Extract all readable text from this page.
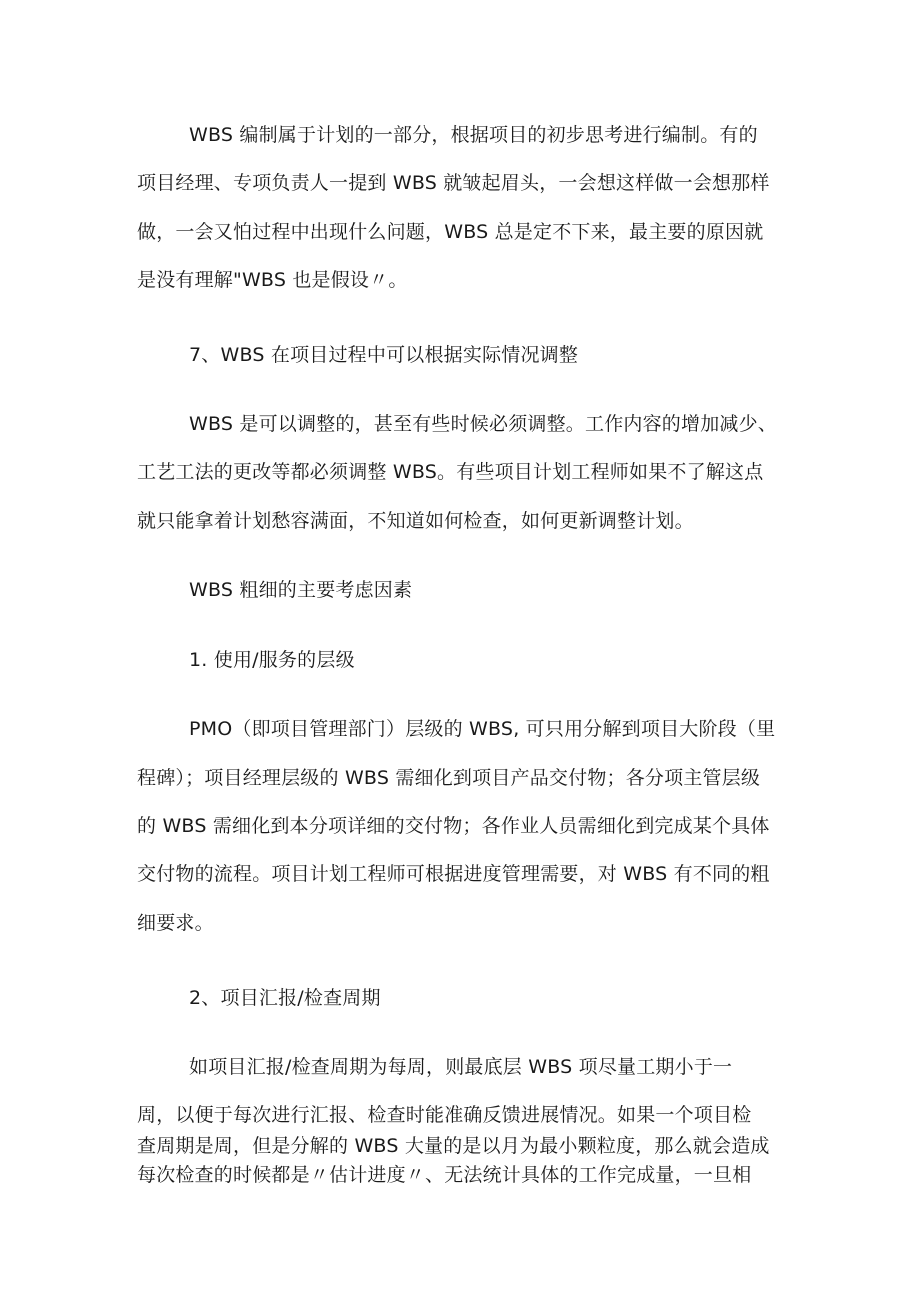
WBS 编制属于计划的一部分，根据项目的初步思考进行编制。有的
项目经理、专项负责人一提到 WBS 就皱起眉头，一会想这样做一会想那样
做，一会又怕过程中出现什么问题，WBS 总是定不下来，最主要的原因就
是没有理解"WBS 也是假设〃。
7、WBS 在项目过程中可以根据实际情况调整
WBS 是可以调整的，甚至有些时候必须调整。工作内容的增加减少、
工艺工法的更改等都必须调整 WBS。有些项目计划工程师如果不了解这点
就只能拿着计划愁容满面，不知道如何检查，如何更新调整计划。
WBS 粗细的主要考虑因素
1. 使用/服务的层级
PMO（即项目管理部门）层级的 WBS, 可只用分解到项目大阶段（里
程碑）；项目经理层级的 WBS 需细化到项目产品交付物；各分项主管层级
的 WBS 需细化到本分项详细的交付物；各作业人员需细化到完成某个具体
交付物的流程。项目计划工程师可根据进度管理需要，对 WBS 有不同的粗
细要求。
2、项目汇报/检查周期
如项目汇报/检查周期为每周，则最底层 WBS 项尽量工期小于一
周，以便于每次进行汇报、检查时能准确反馈进展情况。如果一个项目检
查周期是周，但是分解的 WBS 大量的是以月为最小颗粒度，那么就会造成
每次检查的时候都是〃估计进度〃、无法统计具体的工作完成量，一旦相
